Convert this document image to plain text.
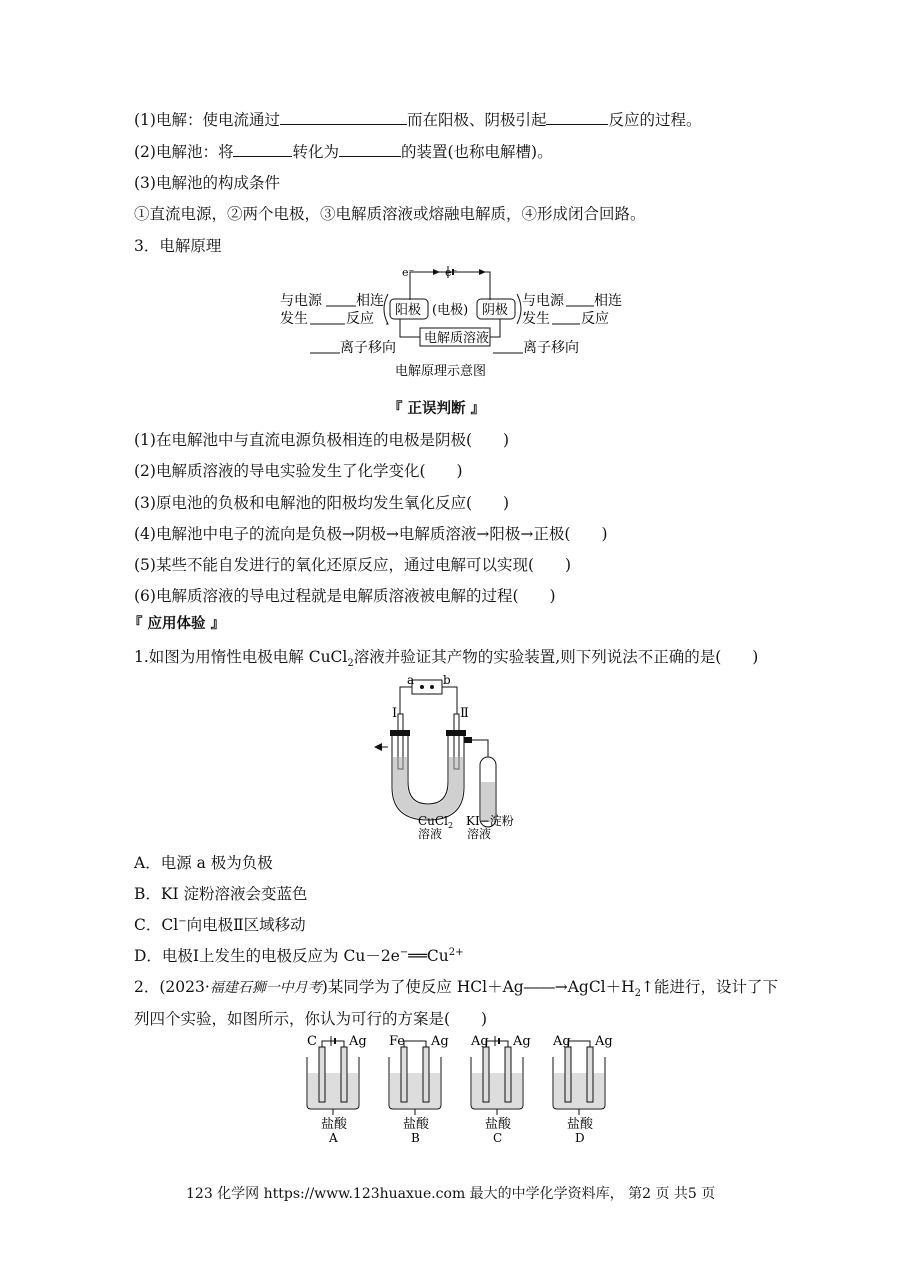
(1)电解：使电流通过	而在阳极、阴极引起	反应的过程。
(2)电解池：将	转化为	的装置(也称电解槽)。
(3)电解池的构成条件
①直流电源，②两个电极，③电解质溶液或熔融电解质，④形成闭合回路。
3．电解原理
e⁻	e⁻
阳极 (电极) 阴极
电解质溶液
与电源 相连
发生	反应
与电源 相连
发生 反应
离子移向	离子移向
电解原理示意图
『 正误判断 』
(1)在电解池中与直流电源负极相连的电极是阴极(　　)
(2)电解质溶液的导电实验发生了化学变化(　　)
(3)原电池的负极和电解池的阳极均发生氧化反应(　　)
(4)电解池中电子的流向是负极→阴极→电解质溶液→阳极→正极(　　)
(5)某些不能自发进行的氧化还原反应，通过电解可以实现(　　)
(6)电解质溶液的导电过程就是电解质溶液被电解的过程(　　)
『 应用体验 』
1.如图为用惰性电极电解 CuCl$_2$溶液并验证其产物的实验装置,则下列说法不正确的是(　　)
a b
Ⅰ	Ⅱ
CuCl$_2$
溶液
KI−淀粉
溶液
A．电源 a 极为负极
B．KI 淀粉溶液会变蓝色
C．Cl−向电极Ⅱ区域移动
D．电极Ⅰ上发生的电极反应为 $Cu-2e^-══Cu^{2+}$
2．(2023·福建石狮一中月考)某同学为了使反应 $HCl+Ag――\to AgCl+H_2↑$能进行，设计了下
列四个实验，如图所示，你认为可行的方案是(　　)
C Ag
盐酸
A
Fe Ag
盐酸
B
Ag Ag
盐酸
C
Ag Ag
盐酸
D
123 化学网 https://www.123huaxue.com 最大的中学化学资料库， 第2 页 共5 页
